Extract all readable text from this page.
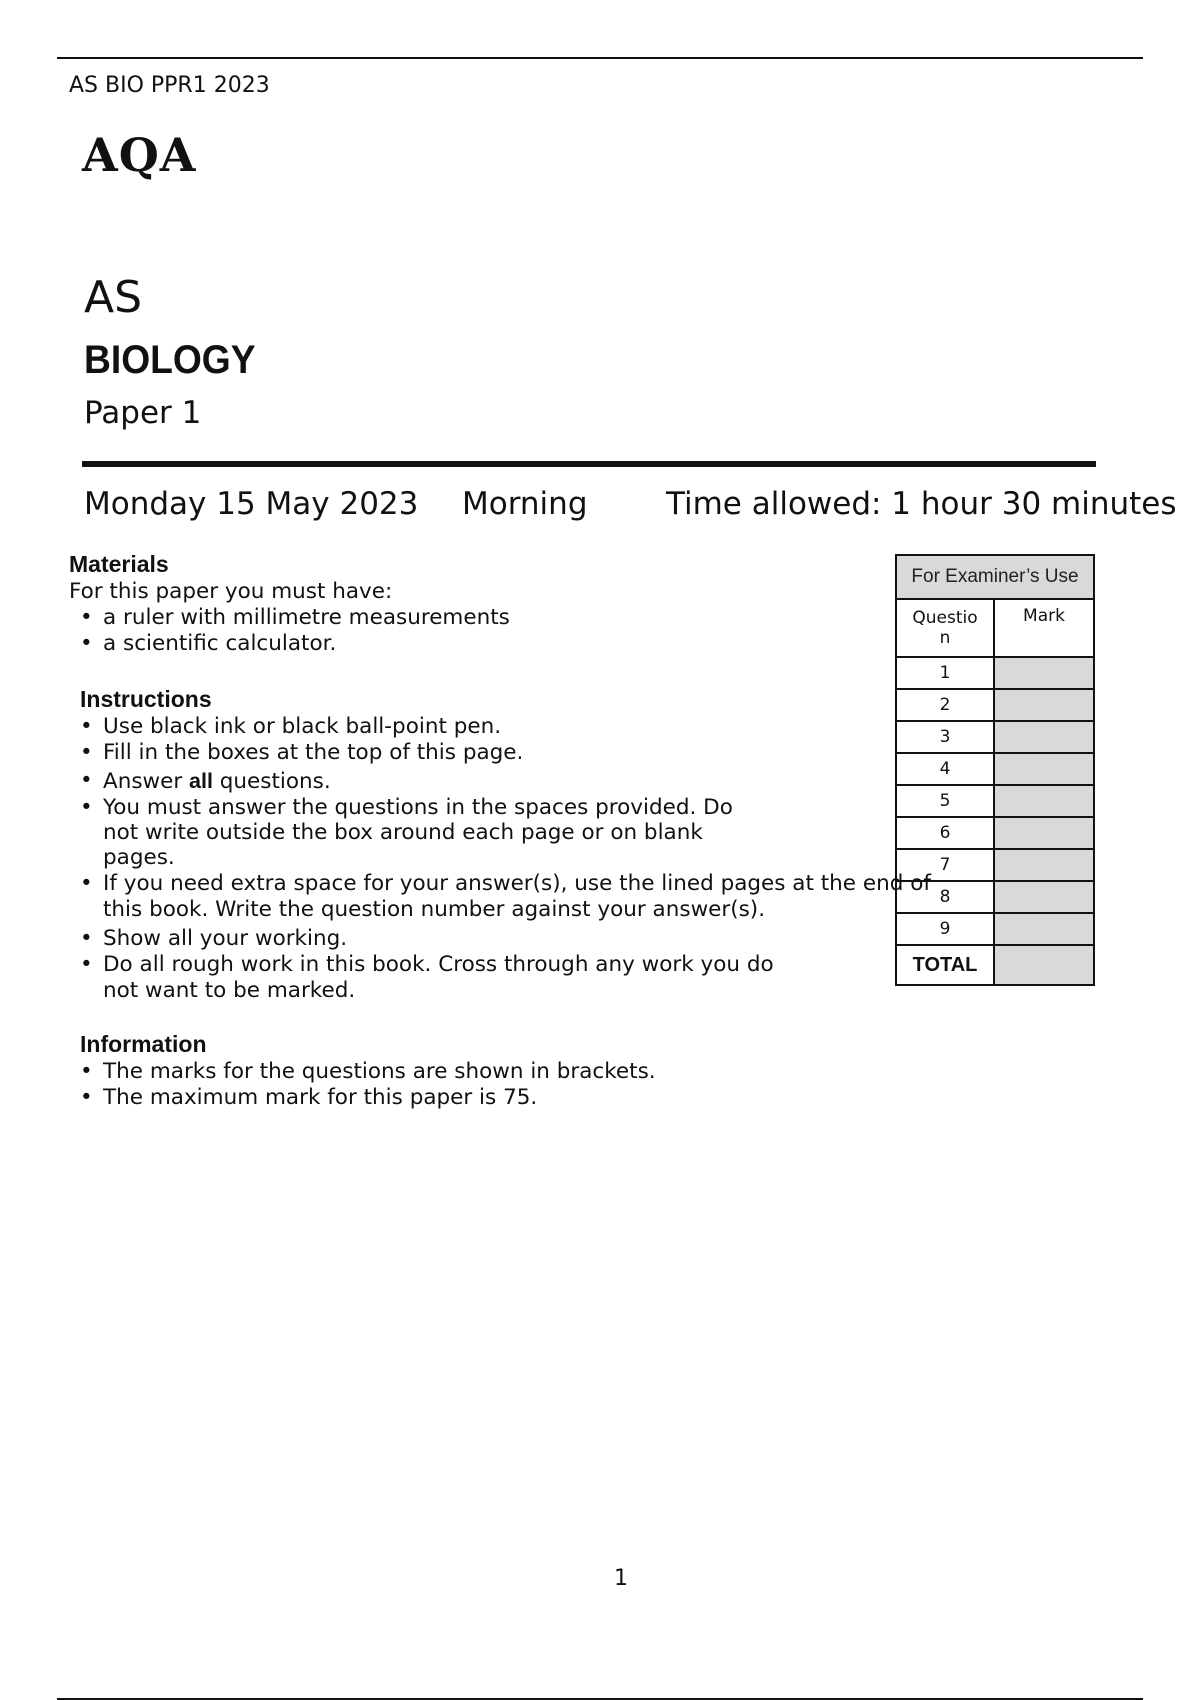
AS BIO PPR1 2023
AQA
AS
BIOLOGY
Paper 1
Monday 15 May 2023 Morning	Time allowed: 1 hour 30 minutes
Materials
For this paper you must have:
• a ruler with millimetre measurements
• a scientific calculator.
Instructions
• Use black ink or black ball-point pen.
• Fill in the boxes at the top of this page.
• Answer all questions.
• You must answer the questions in the spaces provided. Do
not write outside the box around each page or on blank
pages.
• If you need extra space for your answer(s), use the lined pages at the end of
this book. Write the question number against your answer(s).
• Show all your working.
• Do all rough work in this book. Cross through any work you do
not want to be marked.
Information
• The marks for the questions are shown in brackets.
• The maximum mark for this paper is 75.
For Examiner’s Use	
Questio
n	Mark
1	
2	
3	
4	
5	
6	
7	
8	
9	
TOTAL	
1
